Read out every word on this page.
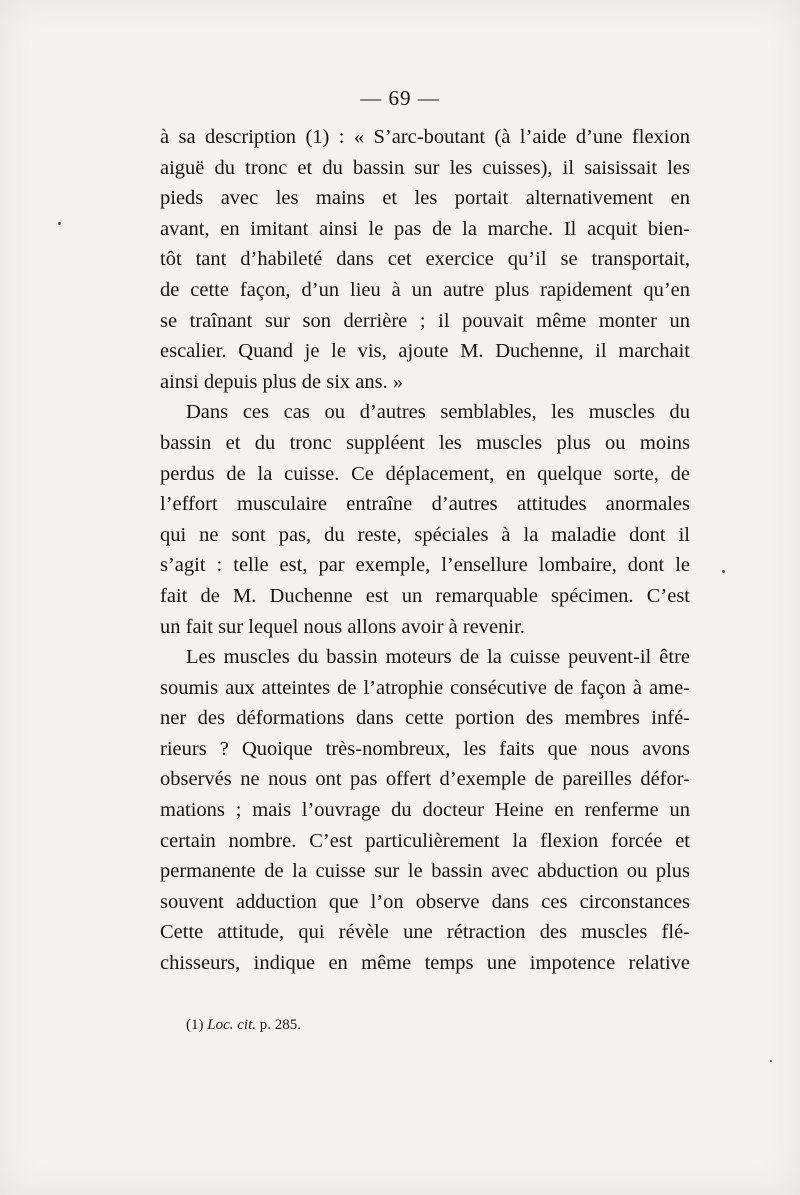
— 69 —
à sa description (1) : « S’arc-boutant (à l’aide d’une flexion
aiguë du tronc et du bassin sur les cuisses), il saisissait les
pieds avec les mains et les portait alternativement en
avant, en imitant ainsi le pas de la marche. Il acquit bien-
tôt tant d’habileté dans cet exercice qu’il se transportait,
de cette façon, d’un lieu à un autre plus rapidement qu’en
se traînant sur son derrière ; il pouvait même monter un
escalier. Quand je le vis, ajoute M. Duchenne, il marchait
ainsi depuis plus de six ans. »
Dans ces cas ou d’autres semblables, les muscles du
bassin et du tronc suppléent les muscles plus ou moins
perdus de la cuisse. Ce déplacement, en quelque sorte, de
l’effort musculaire entraîne d’autres attitudes anormales
qui ne sont pas, du reste, spéciales à la maladie dont il
s’agit : telle est, par exemple, l’ensellure lombaire, dont le
fait de M. Duchenne est un remarquable spécimen. C’est
un fait sur lequel nous allons avoir à revenir.
Les muscles du bassin moteurs de la cuisse peuvent-il être
soumis aux atteintes de l’atrophie consécutive de façon à ame-
ner des déformations dans cette portion des membres infé-
rieurs ? Quoique très-nombreux, les faits que nous avons
observés ne nous ont pas offert d’exemple de pareilles défor-
mations ; mais l’ouvrage du docteur Heine en renferme un
certain nombre. C’est particulièrement la flexion forcée et
permanente de la cuisse sur le bassin avec abduction ou plus
souvent adduction que l’on observe dans ces circonstances
Cette attitude, qui révèle une rétraction des muscles flé-
chisseurs, indique en même temps une impotence relative
(1) Loc. cit. p. 285.
